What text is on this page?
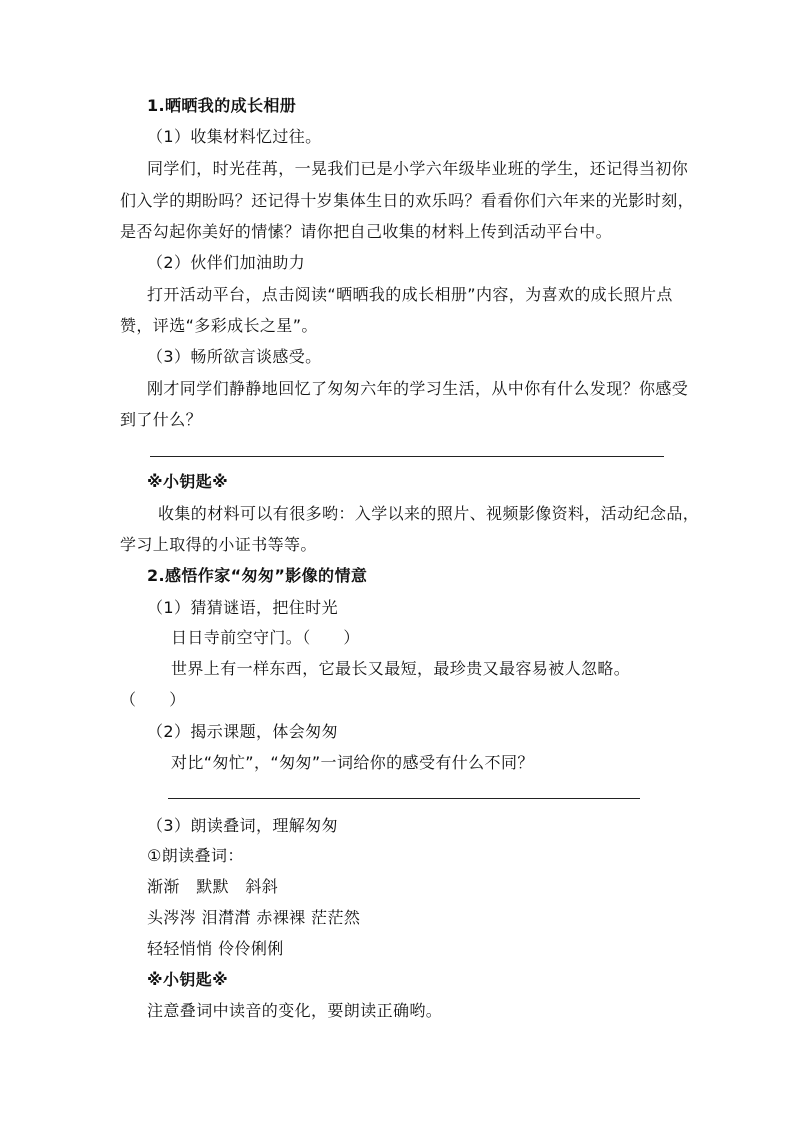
1.晒晒我的成长相册
（1）收集材料忆过往。
同学们，时光荏苒，一晃我们已是小学六年级毕业班的学生，还记得当初你
们入学的期盼吗？还记得十岁集体生日的欢乐吗？看看你们六年来的光影时刻，
是否勾起你美好的情愫？请你把自己收集的材料上传到活动平台中。
（2）伙伴们加油助力
打开活动平台，点击阅读“晒晒我的成长相册”内容，为喜欢的成长照片点
赞，评选“多彩成长之星”。
（3）畅所欲言谈感受。
刚才同学们静静地回忆了匆匆六年的学习生活，从中你有什么发现？你感受
到了什么？
※小钥匙※
收集的材料可以有很多哟：入学以来的照片、视频影像资料，活动纪念品，
学习上取得的小证书等等。
2.感悟作家“匆匆”影像的情意
（1）猜猜谜语，把住时光
日日寺前空守门。（　　）
世界上有一样东西，它最长又最短，最珍贵又最容易被人忽略。
（　　）
（2）揭示课题，体会匆匆
对比“匆忙”，“匆匆”一词给你的感受有什么不同？
（3）朗读叠词，理解匆匆
①朗读叠词：
渐渐　默默　斜斜
头涔涔 泪潸潸 赤裸裸 茫茫然
轻轻悄悄 伶伶俐俐
※小钥匙※
注意叠词中读音的变化，要朗读正确哟。
